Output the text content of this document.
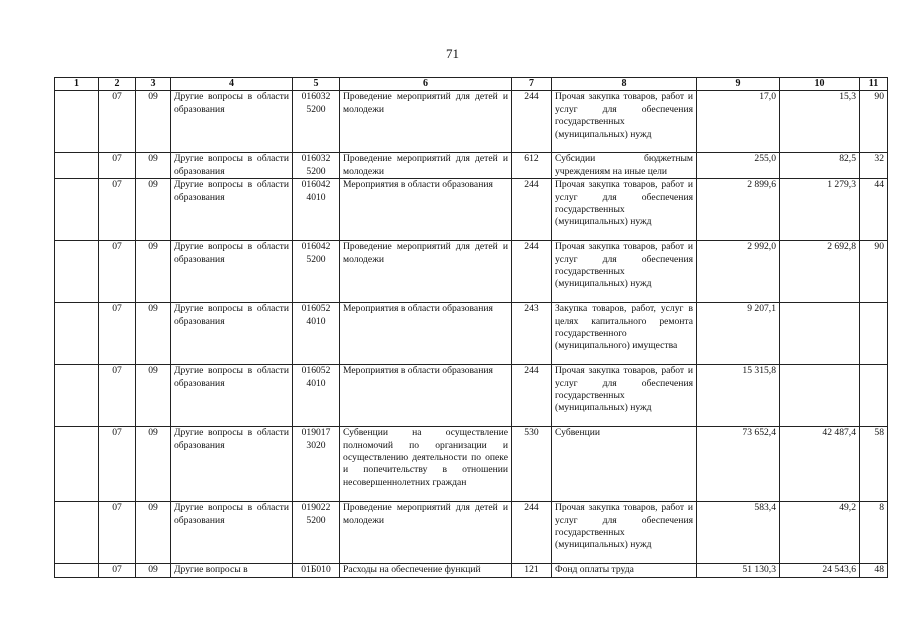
71
1	2	3	4	5	6	7	8	9	10	11
	07	09	Другие вопросы в области образования	016032 5200	Проведение мероприятий для детей и молодежи	244	Прочая закупка товаров, работ и услуг для обеспечения государственных (муниципальных) нужд	17,0	15,3	90
	07	09	Другие вопросы в области образования	016032 5200	Проведение мероприятий для детей и молодежи	612	Субсидии бюджетным учреждениям на иные цели	255,0	82,5	32
	07	09	Другие вопросы в области образования	016042 4010	Мероприятия в области образования	244	Прочая закупка товаров, работ и услуг для обеспечения государственных (муниципальных) нужд	2 899,6	1 279,3	44
	07	09	Другие вопросы в области образования	016042 5200	Проведение мероприятий для детей и молодежи	244	Прочая закупка товаров, работ и услуг для обеспечения государственных (муниципальных) нужд	2 992,0	2 692,8	90
	07	09	Другие вопросы в области образования	016052 4010	Мероприятия в области образования	243	Закупка товаров, работ, услуг в целях капитального ремонта государственного (муниципального) имущества	9 207,1		
	07	09	Другие вопросы в области образования	016052 4010	Мероприятия в области образования	244	Прочая закупка товаров, работ и услуг для обеспечения государственных (муниципальных) нужд	15 315,8		
	07	09	Другие вопросы в области образования	019017 3020	Субвенции на осуществление полномочий по организации и осуществлению деятельности по опеке и попечительству в отношении несовершеннолетних граждан	530	Субвенции	73 652,4	42 487,4	58
	07	09	Другие вопросы в области образования	019022 5200	Проведение мероприятий для детей и молодежи	244	Прочая закупка товаров, работ и услуг для обеспечения государственных (муниципальных) нужд	583,4	49,2	8
	07	09	Другие вопросы в	01Б010	Расходы на обеспечение функций	121	Фонд оплаты труда	51 130,3	24 543,6	48
